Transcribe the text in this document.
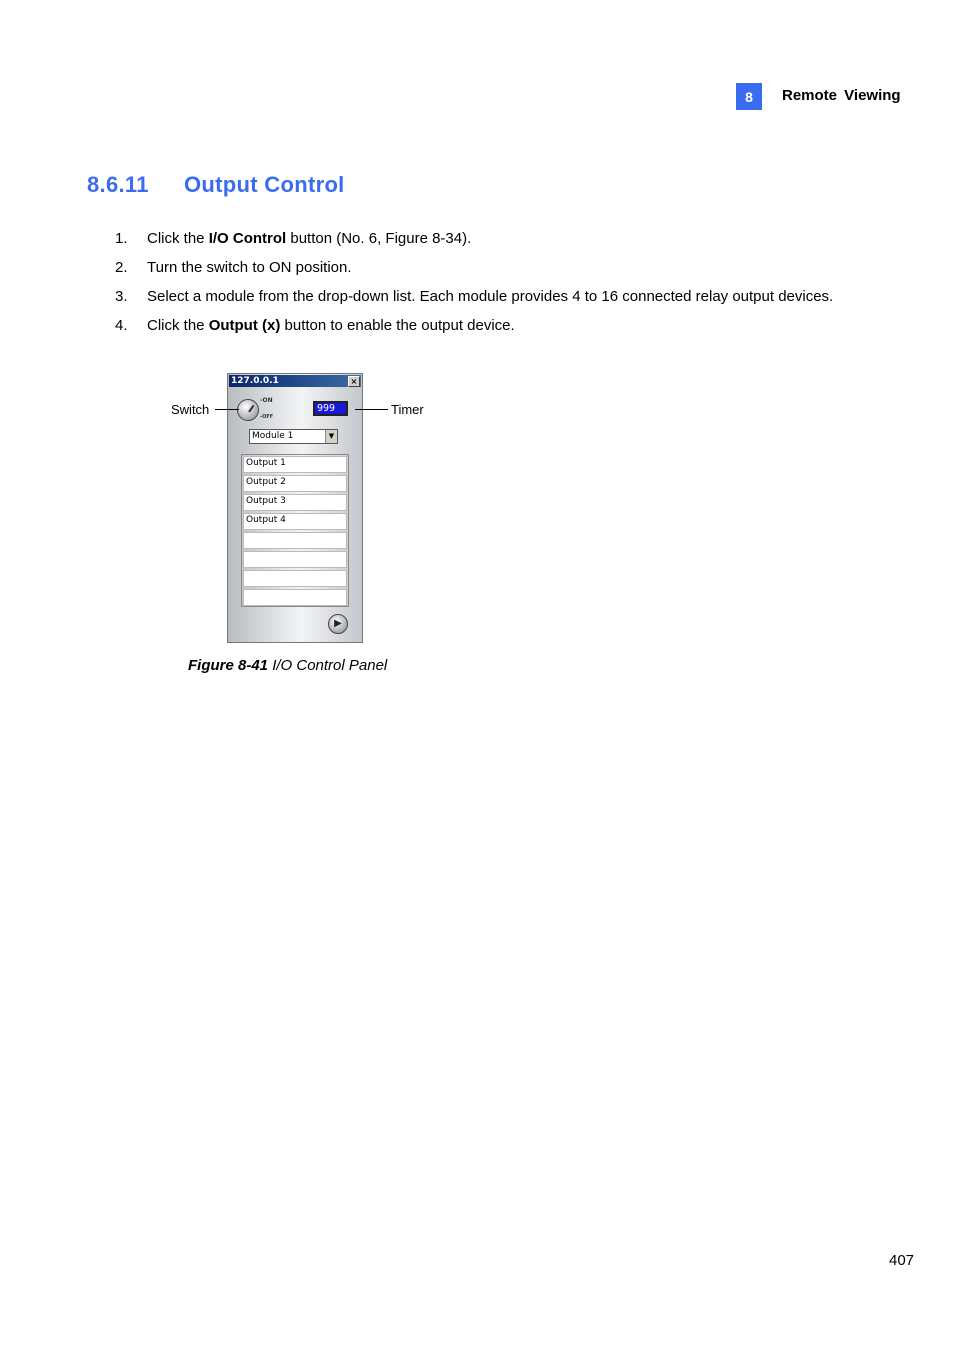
8	Remote Viewing
8.6.11 Output Control
1. Click the I/O Control button (No. 6, Figure 8-34).
2. Turn the switch to ON position.
3. Select a module from the drop-down list. Each module provides 4 to 16 connected relay output devices.
4. Click the Output (x) button to enable the output device.
127.0.0.1	×
-ON
-OFF
999
Module 1	▼
Output 1
Output 2
Output 3
Output 4
▶
Switch	Timer
Figure 8-41 I/O Control Panel
407
